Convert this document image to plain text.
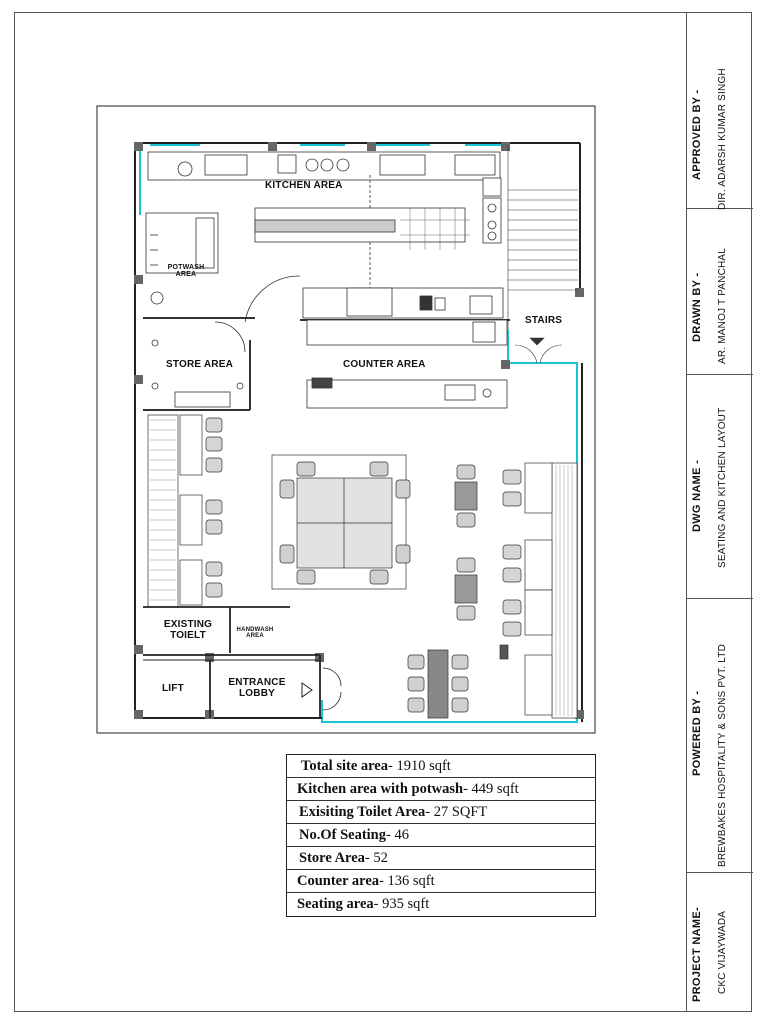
KITCHEN AREA
POTWASH
AREA
STORE AREA	COUNTER AREA
STAIRS
EXISTING
TOIELT	HANDWASH
AREA
LIFT
ENTRANCE
LOBBY
Total site area- 1910 sqft
Kitchen area with potwash- 449 sqft
Exisiting Toilet Area- 27 SQFT
No.Of Seating- 46
Store Area- 52
Counter area- 136 sqft
Seating area- 935 sqft
APPROVED BY - DIR. ADARSH KUMAR SINGH
DRAWN BY - AR. MANOJ T PANCHAL
DWG NAME - SEATING AND KITCHEN LAYOUT
POWERED BY - BREWBAKES HOSPITALITY & SONS PVT. LTD
PROJECT NAME- CKC VIJAYWADA
